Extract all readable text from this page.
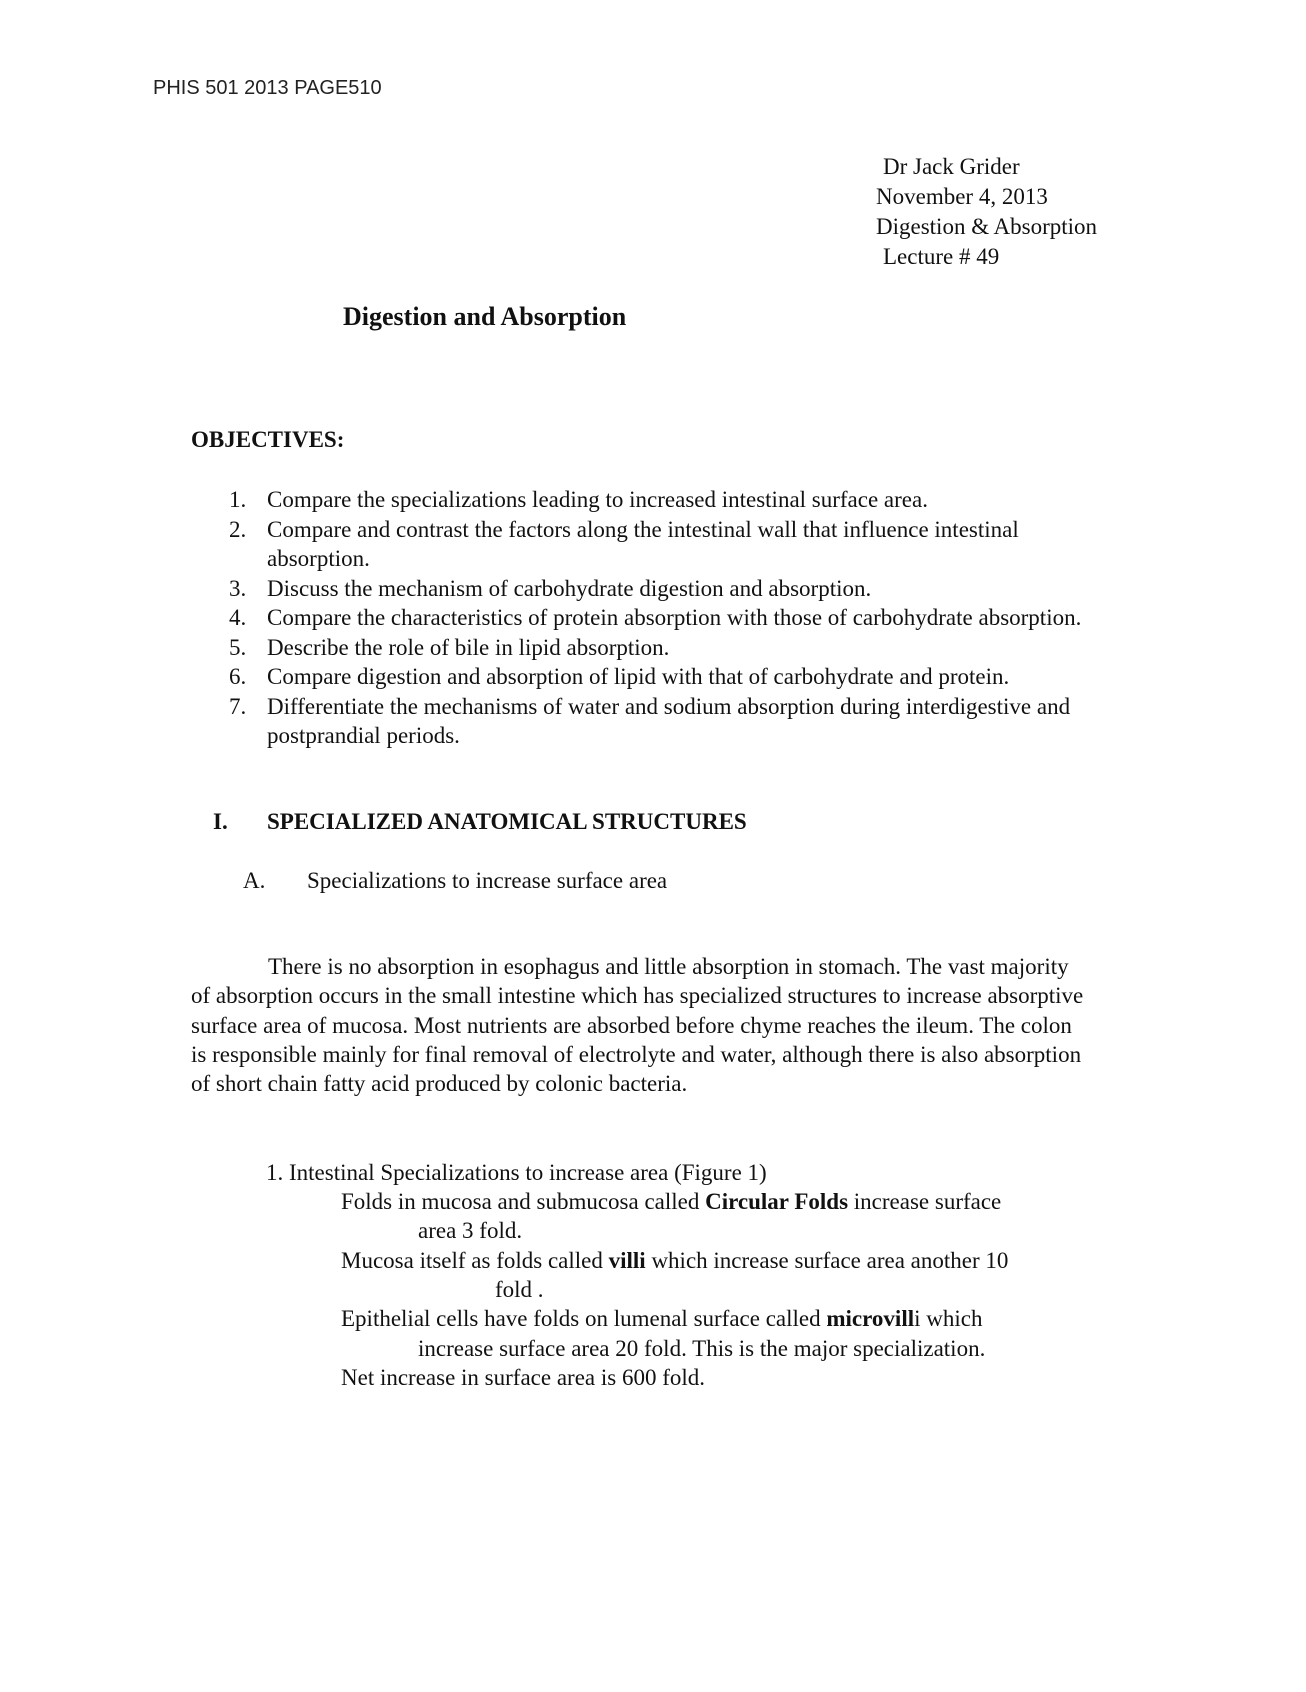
PHIS 501 2013 PAGE510
Dr Jack Grider
November 4, 2013
Digestion & Absorption
Lecture # 49
Digestion and Absorption
OBJECTIVES:
1. Compare the specializations leading to increased intestinal surface area.
2. Compare and contrast the factors along the intestinal wall that influence intestinal absorption.
3. Discuss the mechanism of carbohydrate digestion and absorption.
4. Compare the characteristics of protein absorption with those of carbohydrate absorption.
5. Describe the role of bile in lipid absorption.
6. Compare digestion and absorption of lipid with that of carbohydrate and protein.
7. Differentiate the mechanisms of water and sodium absorption during interdigestive and postprandial periods.
I. SPECIALIZED ANATOMICAL STRUCTURES
A. Specializations to increase surface area
There is no absorption in esophagus and little absorption in stomach. The vast majority of absorption occurs in the small intestine which has specialized structures to increase absorptive surface area of mucosa. Most nutrients are absorbed before chyme reaches the ileum. The colon is responsible mainly for final removal of electrolyte and water, although there is also absorption of short chain fatty acid produced by colonic bacteria.
1. Intestinal Specializations to increase area (Figure 1)
Folds in mucosa and submucosa called Circular Folds increase surface
area 3 fold.
Mucosa itself as folds called villi which increase surface area another 10
fold .
Epithelial cells have folds on lumenal surface called microvilli which
increase surface area 20 fold. This is the major specialization.
Net increase in surface area is 600 fold.
